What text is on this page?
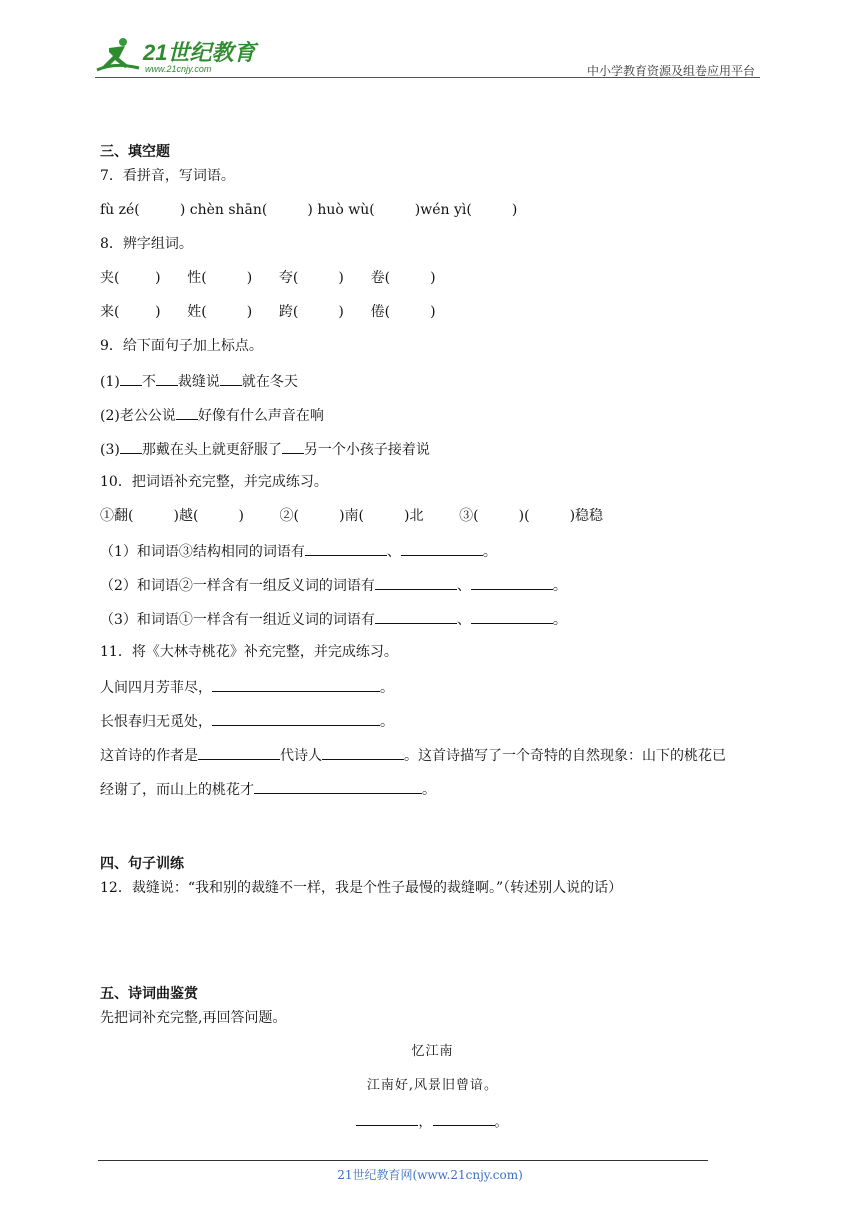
21世纪教育
www.21cnjy.com	中小学教育资源及组卷应用平台
三、填空题
7．看拼音，写词语。
fù zé(         ) chèn shān(         ) huò wù(         )wén yì(         )
8．辨字组词。
夹(        )      性(         )      夸(         )      卷(         )
来(        )      姓(         )      跨(         )      倦(         )
9．给下面句子加上标点。
(1) 不 裁缝说 就在冬天
(2)老公公说 好像有什么声音在响
(3) 那戴在头上就更舒服了 另一个小孩子接着说
10．把词语补充完整，并完成练习。
①翻(         )越(         )        ②(         )南(         )北        ③(         )(         )稳稳
（1）和词语③结构相同的词语有	、	。
（2）和词语②一样含有一组反义词的词语有	、	。
（3）和词语①一样含有一组近义词的词语有	、	。
11．将《大林寺桃花》补充完整，并完成练习。
人间四月芳菲尽，	。
长恨春归无觅处，	。
这首诗的作者是	代诗人	。这首诗描写了一个奇特的自然现象：山下的桃花已
经谢了，而山上的桃花才	。
四、句子训练
12．裁缝说：“我和别的裁缝不一样，我是个性子最慢的裁缝啊。”（转述别人说的话）
五、诗词曲鉴赏
先把词补充完整,再回答问题。
忆江南
江南好,风景旧曾谙。
，	。
21世纪教育网(www.21cnjy.com)
